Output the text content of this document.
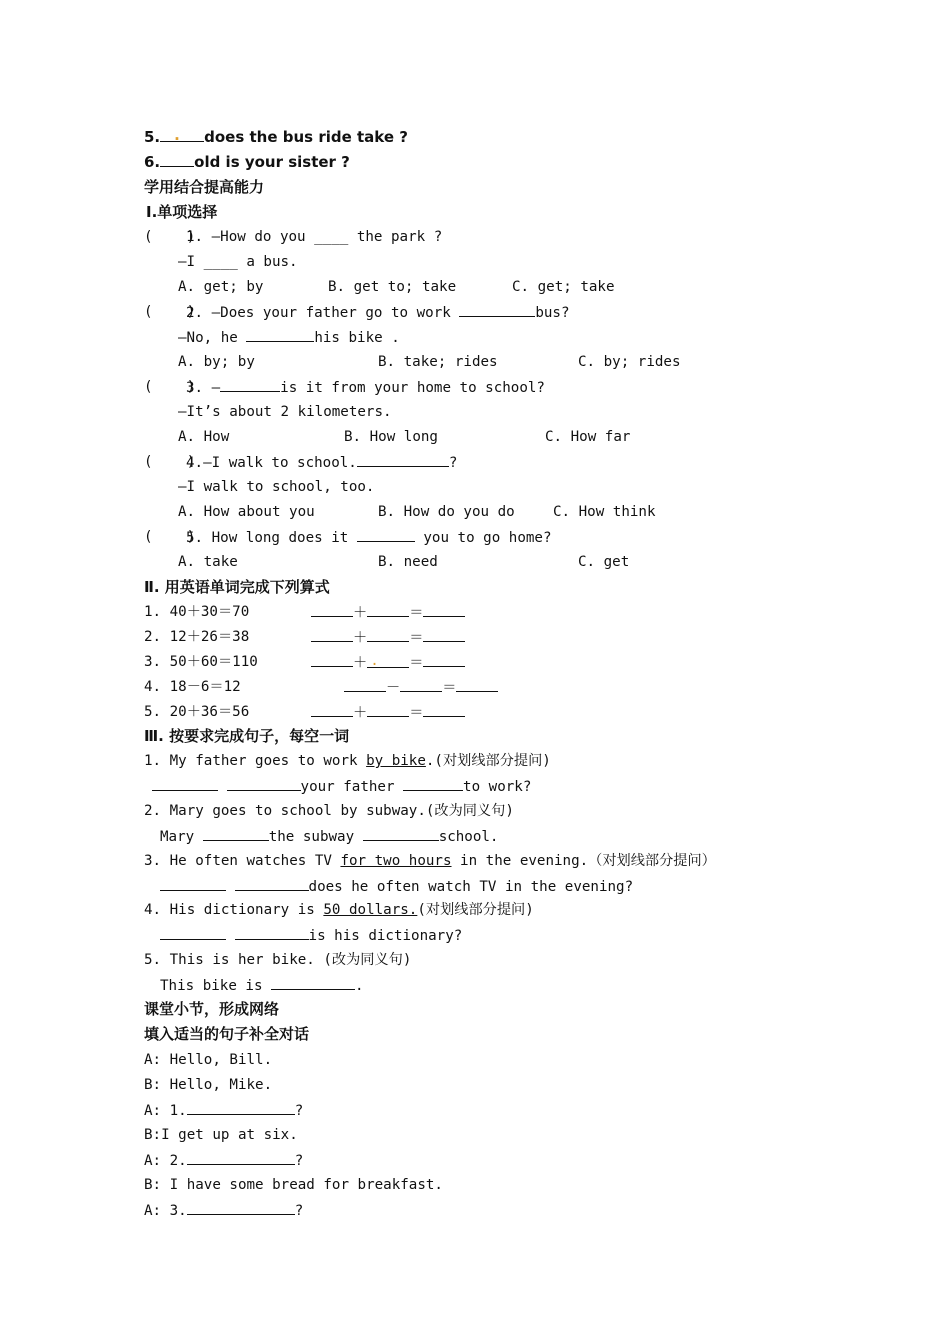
5. . does the bus ride take ?
6. old is your sister ?
学用结合提高能力
Ⅰ.单项选择
(    )
1. —How do you ____ the park ?
—I ____ a bus.
A. get; by	B. get to; take	C. get; take
(    )
2. —Does your father go to work	bus?
—No, he	his bike .
A. by; by	B. take; rides	C. by; rides
(    )
3. —	is it from your home to school?
—It’s about 2 kilometers.
A. How	B. How long	C. How far
(    )
4.—I walk to school.	?
—I walk to school, too.
A. How about you	B. How do you do	C. How think
(    )
5. How long does it	you to go home?
A. take	B. need	C. get
Ⅱ. 用英语单词完成下列算式
1. 40＋30＝70	＋	＝
2. 12＋26＝38	＋	＝
3. 50＋60＝110	＋ . ＝
4. 18－6＝12	－	＝
5. 20＋36＝56	＋	＝
Ⅲ. 按要求完成句子，每空一词
1. My father goes to work by bike.(对划线部分提问)
your father	to work?
2. Mary goes to school by subway.(改为同义句)
Mary	the subway	school.
3. He often watches TV for two hours in the evening.（对划线部分提问）
does he often watch TV in the evening?
4. His dictionary is 50 dollars.(对划线部分提问)
is his dictionary?
5. This is her bike. (改为同义句)
This bike is	.
课堂小节，形成网络
填入适当的句子补全对话
A: Hello, Bill.
B: Hello, Mike.
A: 1.	?
B:I get up at six.
A: 2.	?
B: I have some bread for breakfast.
A: 3.	?
